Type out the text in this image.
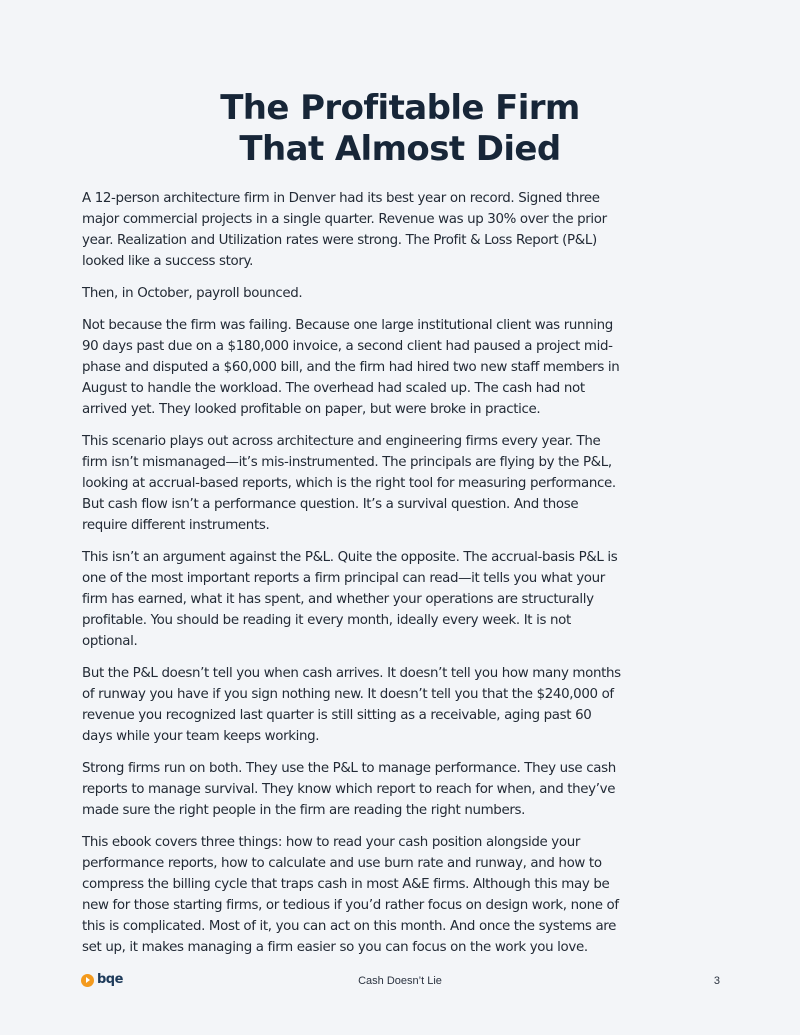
The Profitable Firm
That Almost Died

A 12-person architecture firm in Denver had its best year on record. Signed three major commercial projects in a single quarter. Revenue was up 30% over the prior year. Realization and Utilization rates were strong. The Profit & Loss Report (P&L) looked like a success story.

Then, in October, payroll bounced.

Not because the firm was failing. Because one large institutional client was running 90 days past due on a $180,000 invoice, a second client had paused a project mid-phase and disputed a $60,000 bill, and the firm had hired two new staff members in August to handle the workload. The overhead had scaled up. The cash had not arrived yet. They looked profitable on paper, but were broke in practice.

This scenario plays out across architecture and engineering firms every year. The firm isn’t mismanaged—it’s mis-instrumented. The principals are flying by the P&L, looking at accrual-based reports, which is the right tool for measuring performance. But cash flow isn’t a performance question. It’s a survival question. And those require different instruments.

This isn’t an argument against the P&L. Quite the opposite. The accrual-basis P&L is one of the most important reports a firm principal can read—it tells you what your firm has earned, what it has spent, and whether your operations are structurally profitable. You should be reading it every month, ideally every week. It is not optional.

But the P&L doesn’t tell you when cash arrives. It doesn’t tell you how many months of runway you have if you sign nothing new. It doesn’t tell you that the $240,000 of revenue you recognized last quarter is still sitting as a receivable, aging past 60 days while your team keeps working.

Strong firms run on both. They use the P&L to manage performance. They use cash reports to manage survival. They know which report to reach for when, and they’ve made sure the right people in the firm are reading the right numbers.

This ebook covers three things: how to read your cash position alongside your performance reports, how to calculate and use burn rate and runway, and how to compress the billing cycle that traps cash in most A&E firms. Although this may be new for those starting firms, or tedious if you’d rather focus on design work, none of this is complicated. Most of it, you can act on this month. And once the systems are set up, it makes managing a firm easier so you can focus on the work you love.

bqe	Cash Doesn’t Lie	3
